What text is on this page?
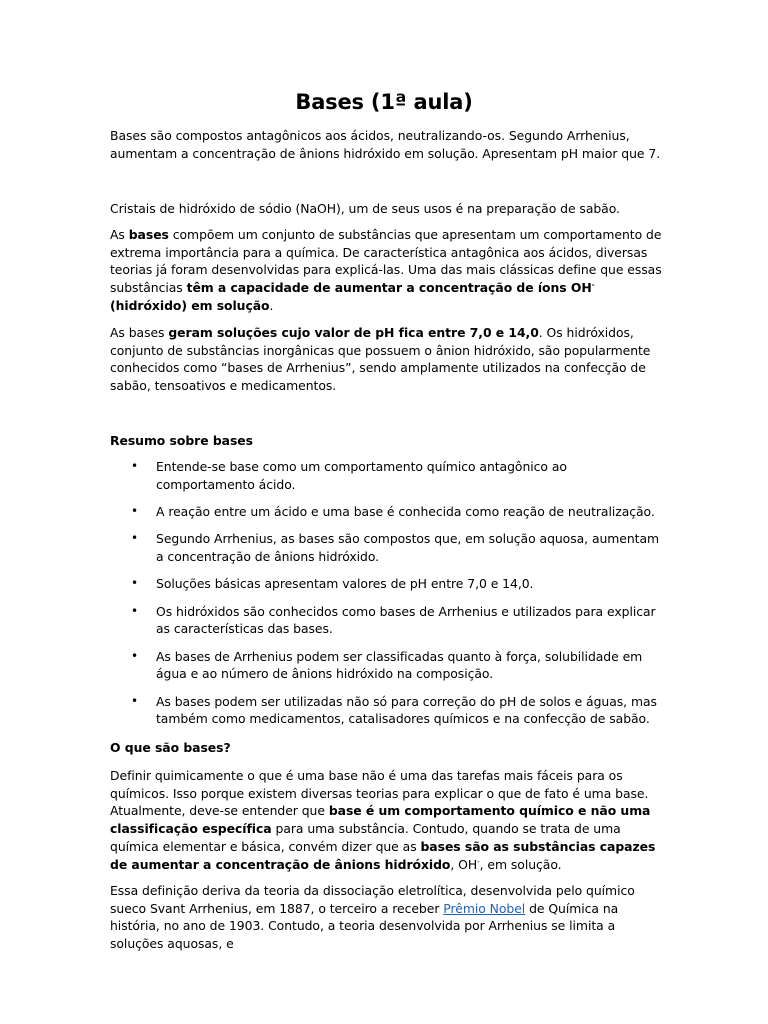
Bases (1ª aula)

Bases são compostos antagônicos aos ácidos, neutralizando-os. Segundo Arrhenius, aumentam a concentração de ânions hidróxido em solução. Apresentam pH maior que 7.

Cristais de hidróxido de sódio (NaOH), um de seus usos é na preparação de sabão.

As bases compõem um conjunto de substâncias que apresentam um comportamento de extrema importância para a química. De característica antagônica aos ácidos, diversas teorias já foram desenvolvidas para explicá-las. Uma das mais clássicas define que essas substâncias têm a capacidade de aumentar a concentração de íons OH- (hidróxido) em solução.

As bases geram soluções cujo valor de pH fica entre 7,0 e 14,0. Os hidróxidos, conjunto de substâncias inorgânicas que possuem o ânion hidróxido, são popularmente conhecidos como “bases de Arrhenius”, sendo amplamente utilizados na confecção de sabão, tensoativos e medicamentos.

Resumo sobre bases

• Entende-se base como um comportamento químico antagônico ao comportamento ácido.
• A reação entre um ácido e uma base é conhecida como reação de neutralização.
• Segundo Arrhenius, as bases são compostos que, em solução aquosa, aumentam a concentração de ânions hidróxido.
• Soluções básicas apresentam valores de pH entre 7,0 e 14,0.
• Os hidróxidos são conhecidos como bases de Arrhenius e utilizados para explicar as características das bases.
• As bases de Arrhenius podem ser classificadas quanto à força, solubilidade em água e ao número de ânions hidróxido na composição.
• As bases podem ser utilizadas não só para correção do pH de solos e águas, mas também como medicamentos, catalisadores químicos e na confecção de sabão.

O que são bases?

Definir quimicamente o que é uma base não é uma das tarefas mais fáceis para os químicos. Isso porque existem diversas teorias para explicar o que de fato é uma base. Atualmente, deve-se entender que base é um comportamento químico e não uma classificação específica para uma substância. Contudo, quando se trata de uma química elementar e básica, convém dizer que as bases são as substâncias capazes de aumentar a concentração de ânions hidróxido, OH-, em solução.

Essa definição deriva da teoria da dissociação eletrolítica, desenvolvida pelo químico sueco Svant Arrhenius, em 1887, o terceiro a receber Prêmio Nobel de Química na história, no ano de 1903. Contudo, a teoria desenvolvida por Arrhenius se limita a soluções aquosas, e
